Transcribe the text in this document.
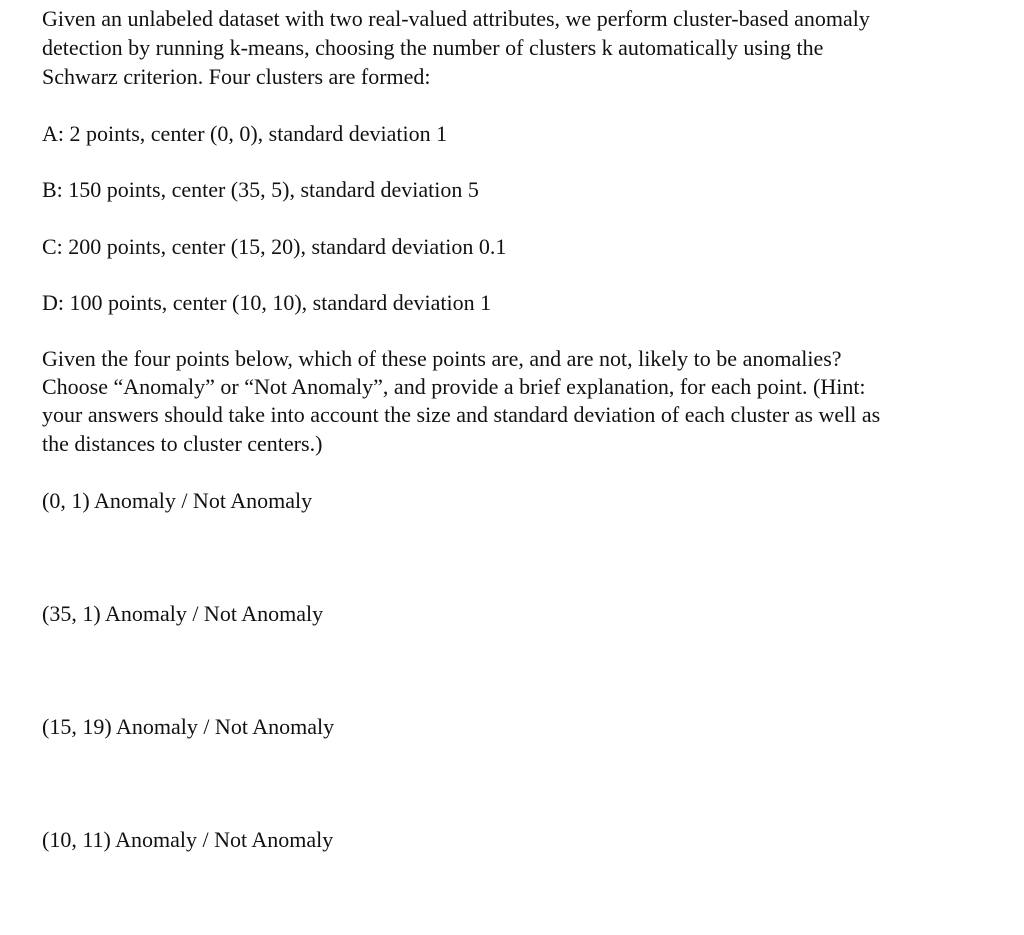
Given an unlabeled dataset with two real-valued attributes, we perform cluster-based anomaly
detection by running k-means, choosing the number of clusters k automatically using the
Schwarz criterion. Four clusters are formed:
A: 2 points, center (0, 0), standard deviation 1
B: 150 points, center (35, 5), standard deviation 5
C: 200 points, center (15, 20), standard deviation 0.1
D: 100 points, center (10, 10), standard deviation 1
Given the four points below, which of these points are, and are not, likely to be anomalies?
Choose “Anomaly” or “Not Anomaly”, and provide a brief explanation, for each point. (Hint:
your answers should take into account the size and standard deviation of each cluster as well as
the distances to cluster centers.)
(0, 1) Anomaly / Not Anomaly
(35, 1) Anomaly / Not Anomaly
(15, 19) Anomaly / Not Anomaly
(10, 11) Anomaly / Not Anomaly
